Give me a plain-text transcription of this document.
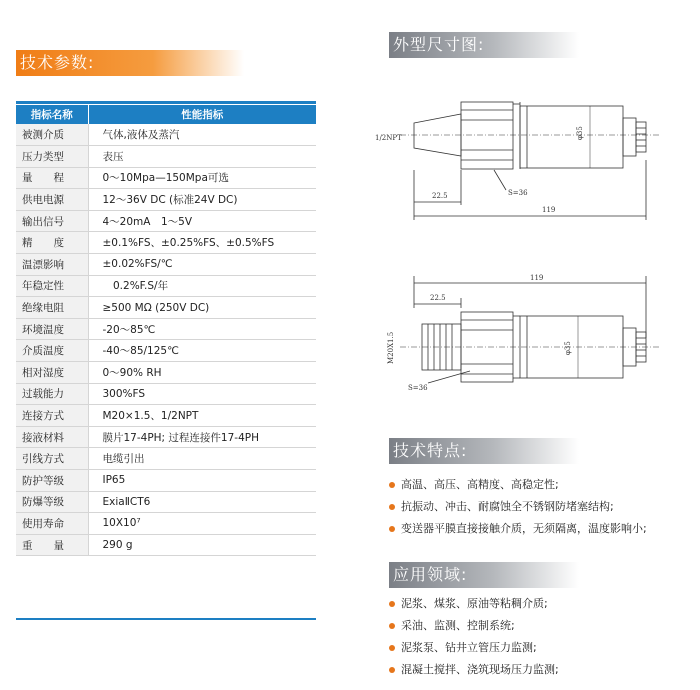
技术参数:
外型尺寸图:
技术特点:
应用领域:
指标名称	性能指标
被测介质	气体,液体及蒸汽
压力类型	表压
量　　程	0～10Mpa—150Mpa可选
供电电源	12～36V DC (标准24V DC)
输出信号	4～20mA　1～5V
精　　度	±0.1%FS、±0.25%FS、±0.5%FS
温漂影响	±0.02%FS/℃
年稳定性	　0.2%F.S/年
绝缘电阻	≥500 MΩ (250V DC)
环境温度	-20～85℃
介质温度	-40～85/125℃
相对湿度	0～90% RH
过载能力	300%FS
连接方式	M20×1.5、1/2NPT
接液材料	膜片17-4PH; 过程连接件17-4PH
引线方式	电缆引出
防护等级	IP65
防爆等级	ExiaⅡCT6
使用寿命	10X10⁷
重　　量	290 g
1/2NPT
22.5	S=36
φ35
119
119
22.5
M20X1.5	φ35
S=36
高温、高压、高精度、高稳定性;
抗振动、冲击、耐腐蚀全不锈钢防堵塞结构;
变送器平膜直接接触介质，无须隔离，温度影响小;
泥浆、煤浆、原油等粘稠介质;
采油、监测、控制系统;
泥浆泵、钻井立管压力监测;
混凝土搅拌、浇筑现场压力监测;
